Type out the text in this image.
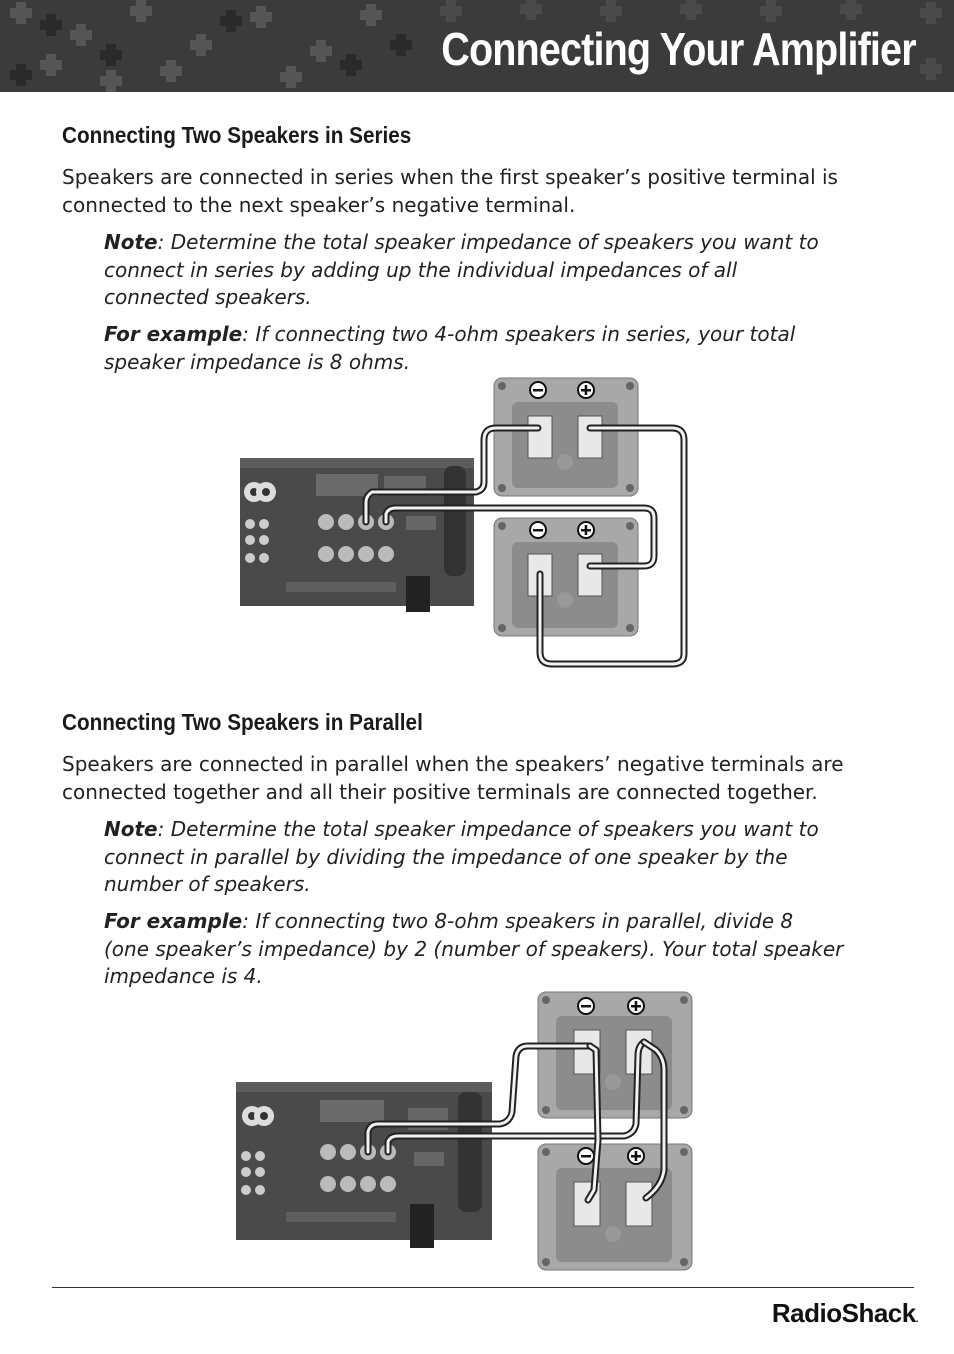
Connecting Your Amplifier
Connecting Two Speakers in Series

Speakers are connected in series when the first speaker’s positive terminal is connected to the next speaker’s negative terminal.

Note: Determine the total speaker impedance of speakers you want to connect in series by adding up the individual impedances of all connected speakers.

For example: If connecting two 4-ohm speakers in series, your total speaker impedance is 8 ohms.

Connecting Two Speakers in Parallel

Speakers are connected in parallel when the speakers’ negative terminals are connected together and all their positive terminals are connected together.

Note: Determine the total speaker impedance of speakers you want to connect in parallel by dividing the impedance of one speaker by the number of speakers.

For example: If connecting two 8-ohm speakers in parallel, divide 8 (one speaker’s impedance) by 2 (number of speakers). Your total speaker impedance is 4.

RadioShack.
